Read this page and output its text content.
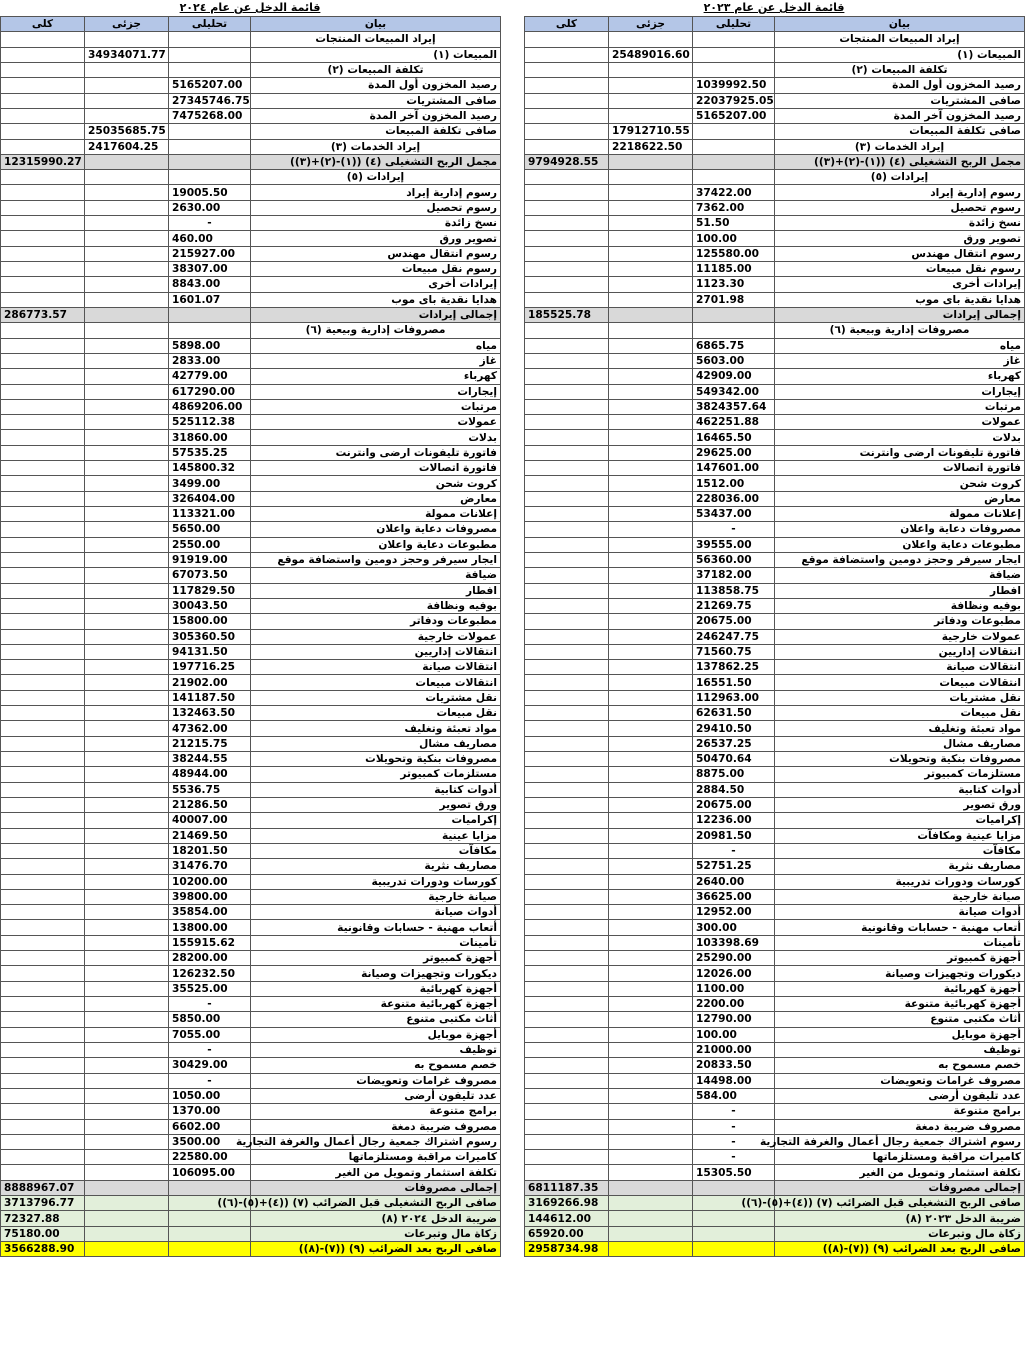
قائمة الدخل عن عام ٢٠٢٤
كلى	جزئى	تحليلى	بيان
			إيراد المبيعات المنتجات
	34934071.77		المبيعات (١)
			تكلفة المبيعات (٢)
		5165207.00	رصيد المخزون أول المدة
		27345746.75	صافى المشتريات
		7475268.00	رصيد المخزون آخر المدة
	25035685.75		صافى تكلفة المبيعات
	2417604.25		إيراد الخدمات (٣)
12315990.27			مجمل الربح التشغيلى (٤) ((١)-(٢)+(٣))
			إيرادات (٥)
		19005.50	رسوم إدارية إيراد
		2630.00	رسوم تحصيل
		-	نسخ زائدة
		460.00	تصوير ورق
		215927.00	رسوم انتقال مهندس
		38307.00	رسوم نقل مبيعات
		8843.00	إيرادات أخرى
		1601.07	هدايا نقدية باى موب
286773.57			إجمالى إيرادات
			مصروفات إدارية وبيعية (٦)
		5898.00	مياه
		2833.00	غاز
		42779.00	كهرباء
		617290.00	إيجارات
		4869206.00	مرتبات
		525112.38	عمولات
		31860.00	بدلات
		57535.25	فاتورة تليفونات ارضى وانترنت
		145800.32	فاتورة اتصالات
		3499.00	كروت شحن
		326404.00	معارض
		113321.00	إعلانات ممولة
		5650.00	مصروفات دعاية واعلان
		2550.00	مطبوعات دعاية واعلان
		91919.00	ايجار سيرفر وحجز دومين واستضافة موقع
		67073.50	ضيافة
		117829.50	افطار
		30043.50	بوفيه ونظافة
		15800.00	مطبوعات ودفاتر
		305360.50	عمولات خارجية
		94131.50	انتقالات إداريين
		197716.25	انتقالات صيانة
		21902.00	انتقالات مبيعات
		141187.50	نقل مشتريات
		132463.50	نقل مبيعات
		47362.00	مواد تعبئة وتغليف
		21215.75	مصاريف مشال
		38244.55	مصروفات بنكية وتحويلات
		48944.00	مستلزمات كمبيوتر
		5536.75	أدوات كتابية
		21286.50	ورق تصوير
		40007.00	إكراميات
		21469.50	مزايا عينية
		18201.50	مكافآت
		31476.70	مصاريف نثرية
		10200.00	كورسات ودورات تدريبية
		39800.00	صيانة خارجية
		35854.00	أدوات صيانة
		13800.00	أتعاب مهنية - حسابات وقانونية
		155915.62	تأمينات
		28200.00	أجهزة كمبيوتر
		126232.50	ديكورات وتجهيزات وصيانة
		35525.00	أجهزة كهربائية
		-	أجهزة كهربائية متنوعة
		5850.00	أثاث مكتبى متنوع
		7055.00	أجهزة موبايل
		-	توظيف
		30429.00	خصم مسموح به
		-	مصروف غرامات وتعويضات
		1050.00	عدد تليفون أرضى
		1370.00	برامج متنوعة
		6602.00	مصروف ضريبة دمغة
		3500.00	رسوم اشتراك جمعية رجال أعمال والغرفة التجارية
		22580.00	كاميرات مراقبة ومستلزماتها
		106095.00	تكلفة استثمار وتمويل من الغير
8888967.07			إجمالى مصروفات
3713796.77			صافى الربح التشغيلى قبل الضرائب (٧) ((٤)+(٥)-(٦))
72327.88			ضريبة الدخل ٢٠٢٤ (٨)
75180.00			زكاة مال وتبرعات
3566288.90			صافى الربح بعد الضرائب (٩) ((٧)-(٨))
قائمة الدخل عن عام ٢٠٢٣
كلى	جزئى	تحليلى	بيان
			إيراد المبيعات المنتجات
	25489016.60		المبيعات (١)
			تكلفة المبيعات (٢)
		1039992.50	رصيد المخزون أول المدة
		22037925.05	صافى المشتريات
		5165207.00	رصيد المخزون آخر المدة
	17912710.55		صافى تكلفة المبيعات
	2218622.50		إيراد الخدمات (٣)
9794928.55			مجمل الربح التشغيلى (٤) ((١)-(٢)+(٣))
			إيرادات (٥)
		37422.00	رسوم إدارية إيراد
		7362.00	رسوم تحصيل
		51.50	نسخ زائدة
		100.00	تصوير ورق
		125580.00	رسوم انتقال مهندس
		11185.00	رسوم نقل مبيعات
		1123.30	إيرادات أخرى
		2701.98	هدايا نقدية باى موب
185525.78			إجمالى إيرادات
			مصروفات إدارية وبيعية (٦)
		6865.75	مياه
		5603.00	غاز
		42909.00	كهرباء
		549342.00	إيجارات
		3824357.64	مرتبات
		462251.88	عمولات
		16465.50	بدلات
		29625.00	فاتورة تليفونات ارضى وانترنت
		147601.00	فاتورة اتصالات
		1512.00	كروت شحن
		228036.00	معارض
		53437.00	إعلانات ممولة
		-	مصروفات دعاية واعلان
		39555.00	مطبوعات دعاية واعلان
		56360.00	ايجار سيرفر وحجز دومين واستضافة موقع
		37182.00	ضيافة
		113858.75	افطار
		21269.75	بوفيه ونظافة
		20675.00	مطبوعات ودفاتر
		246247.75	عمولات خارجية
		71560.75	انتقالات إداريين
		137862.25	انتقالات صيانة
		16551.50	انتقالات مبيعات
		112963.00	نقل مشتريات
		62631.50	نقل مبيعات
		29410.50	مواد تعبئة وتغليف
		26537.25	مصاريف مشال
		50470.64	مصروفات بنكية وتحويلات
		8875.00	مستلزمات كمبيوتر
		2884.50	أدوات كتابية
		20675.00	ورق تصوير
		12236.00	إكراميات
		20981.50	مزايا عينية ومكافآت
		-	مكافآت
		52751.25	مصاريف نثرية
		2640.00	كورسات ودورات تدريبية
		36625.00	صيانة خارجية
		12952.00	أدوات صيانة
		300.00	أتعاب مهنية - حسابات وقانونية
		103398.69	تأمينات
		25290.00	أجهزة كمبيوتر
		12026.00	ديكورات وتجهيزات وصيانة
		1100.00	أجهزة كهربائية
		2200.00	أجهزة كهربائية متنوعة
		12790.00	أثاث مكتبى متنوع
		100.00	أجهزة موبايل
		21000.00	توظيف
		20833.50	خصم مسموح به
		14498.00	مصروف غرامات وتعويضات
		584.00	عدد تليفون أرضى
		-	برامج متنوعة
		-	مصروف ضريبة دمغة
		-	رسوم اشتراك جمعية رجال أعمال والغرفة التجارية
		-	كاميرات مراقبة ومستلزماتها
		15305.50	تكلفة استثمار وتمويل من الغير
6811187.35			إجمالى مصروفات
3169266.98			صافى الربح التشغيلى قبل الضرائب (٧) ((٤)+(٥)-(٦))
144612.00			ضريبة الدخل ٢٠٢٣ (٨)
65920.00			زكاة مال وتبرعات
2958734.98			صافى الربح بعد الضرائب (٩) ((٧)-(٨))
